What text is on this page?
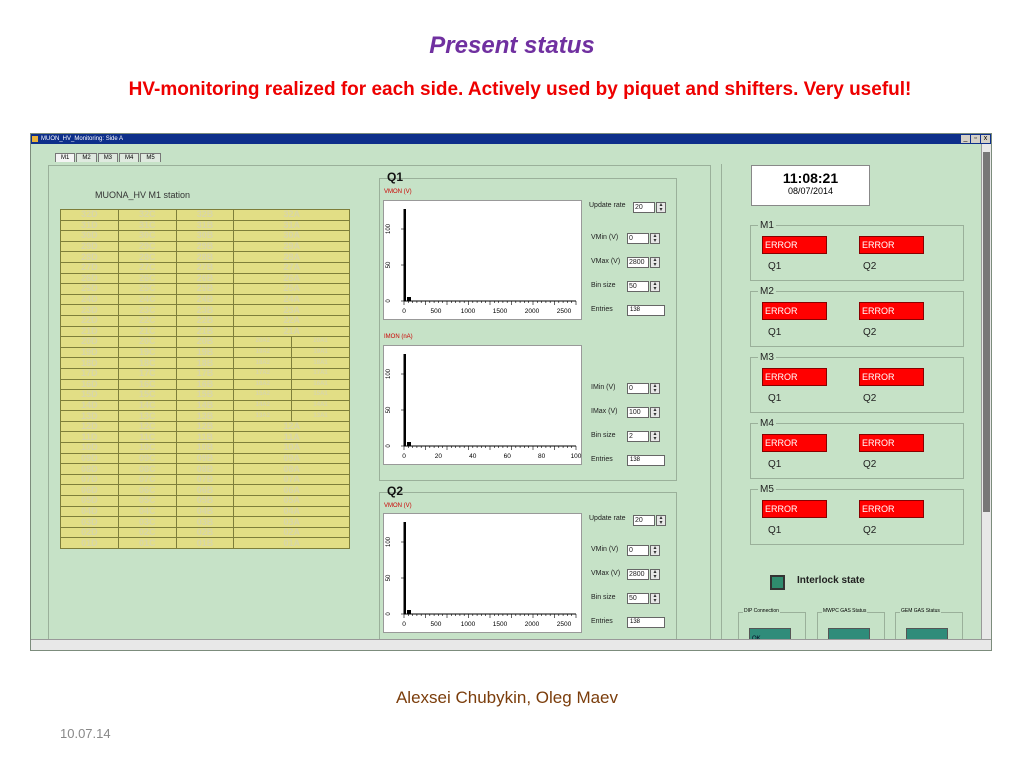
Present status
HV-monitoring realized for each side. Actively used by piquet and shifters. Very useful!
MUON_HV_Monitoring: Side A	_ ▫	x
M1	M2	M3	M4	M5
MUONA_HV M1 station
32D	32C	32B	32A	
31D	31C	31B	31A	
30D	30C	30B	30A	
29D	29C	29B	29A	
28D	28C	28B	28A	
27D	27C	27B	27A	
26D	26C	26B	26A	
25D	25C	25B	25A	
24D	24C	24B	24A	
23D	23C	23B	23A	
22D	22C	22B	22A	
21D	21C	21B	21A	
20D	20C	20B	20A2	20A1
19D	19C	19B	19A2	19A1
18D	18C	18B	18A2	18A1
17D	17C	17B	17A2	17A1
16D	16C	16B	16A2	16A1
15D	15C	15B	15A2	15A1
14D	14C	14B	14A2	14A1
13D	13C	13B	13A2	13A1
12D	12C	12B	12A	
11D	11C	11B	11A	
10D	10C	10B	10A	
09D	09C	09B	09A	
08D	08C	08B	08A	
07D	07C	07B	07A	
06D	06C	06B	06A	
05D	05C	05B	05A	
04D	04C	04B	04A	
03D	03C	03B	03A	
02D	02C	02B	02A	
01D	01C	01B	01A	
Q1
VMON (V)
0	500	1000	1500	2000	2500
100
50
0
Update rate 20	▴
▾
VMin (V) 0	▴
▾
VMax (V) 2800	▴
▾
Bin size 50	▴
▾
Entries	138
IMON (nA)
0	20	40	60	80	100
100
50
0
IMin (V) 0	▴
▾
IMax (V) 100	▴
▾
Bin size 2	▴
▾
Entries	138
Q2
VMON (V)
0	500	1000	1500	2000	2500
100
50
0
Update rate 20	▴
▾
VMin (V) 0	▴
▾
VMax (V) 2800	▴
▾
Bin size 50	▴
▾
Entries	138
11:08:21
08/07/2014
M1
ERROR	ERROR
Q1	Q2
M2
ERROR	ERROR
Q1	Q2
M3
ERROR	ERROR
Q1	Q2
M4
ERROR	ERROR
Q1	Q2
M5
ERROR	ERROR
Q1	Q2
Interlock state
DIP Connection	MWPC GAS Status	GEM GAS Status
Alexsei Chubykin, Oleg Maev
10.07.14
